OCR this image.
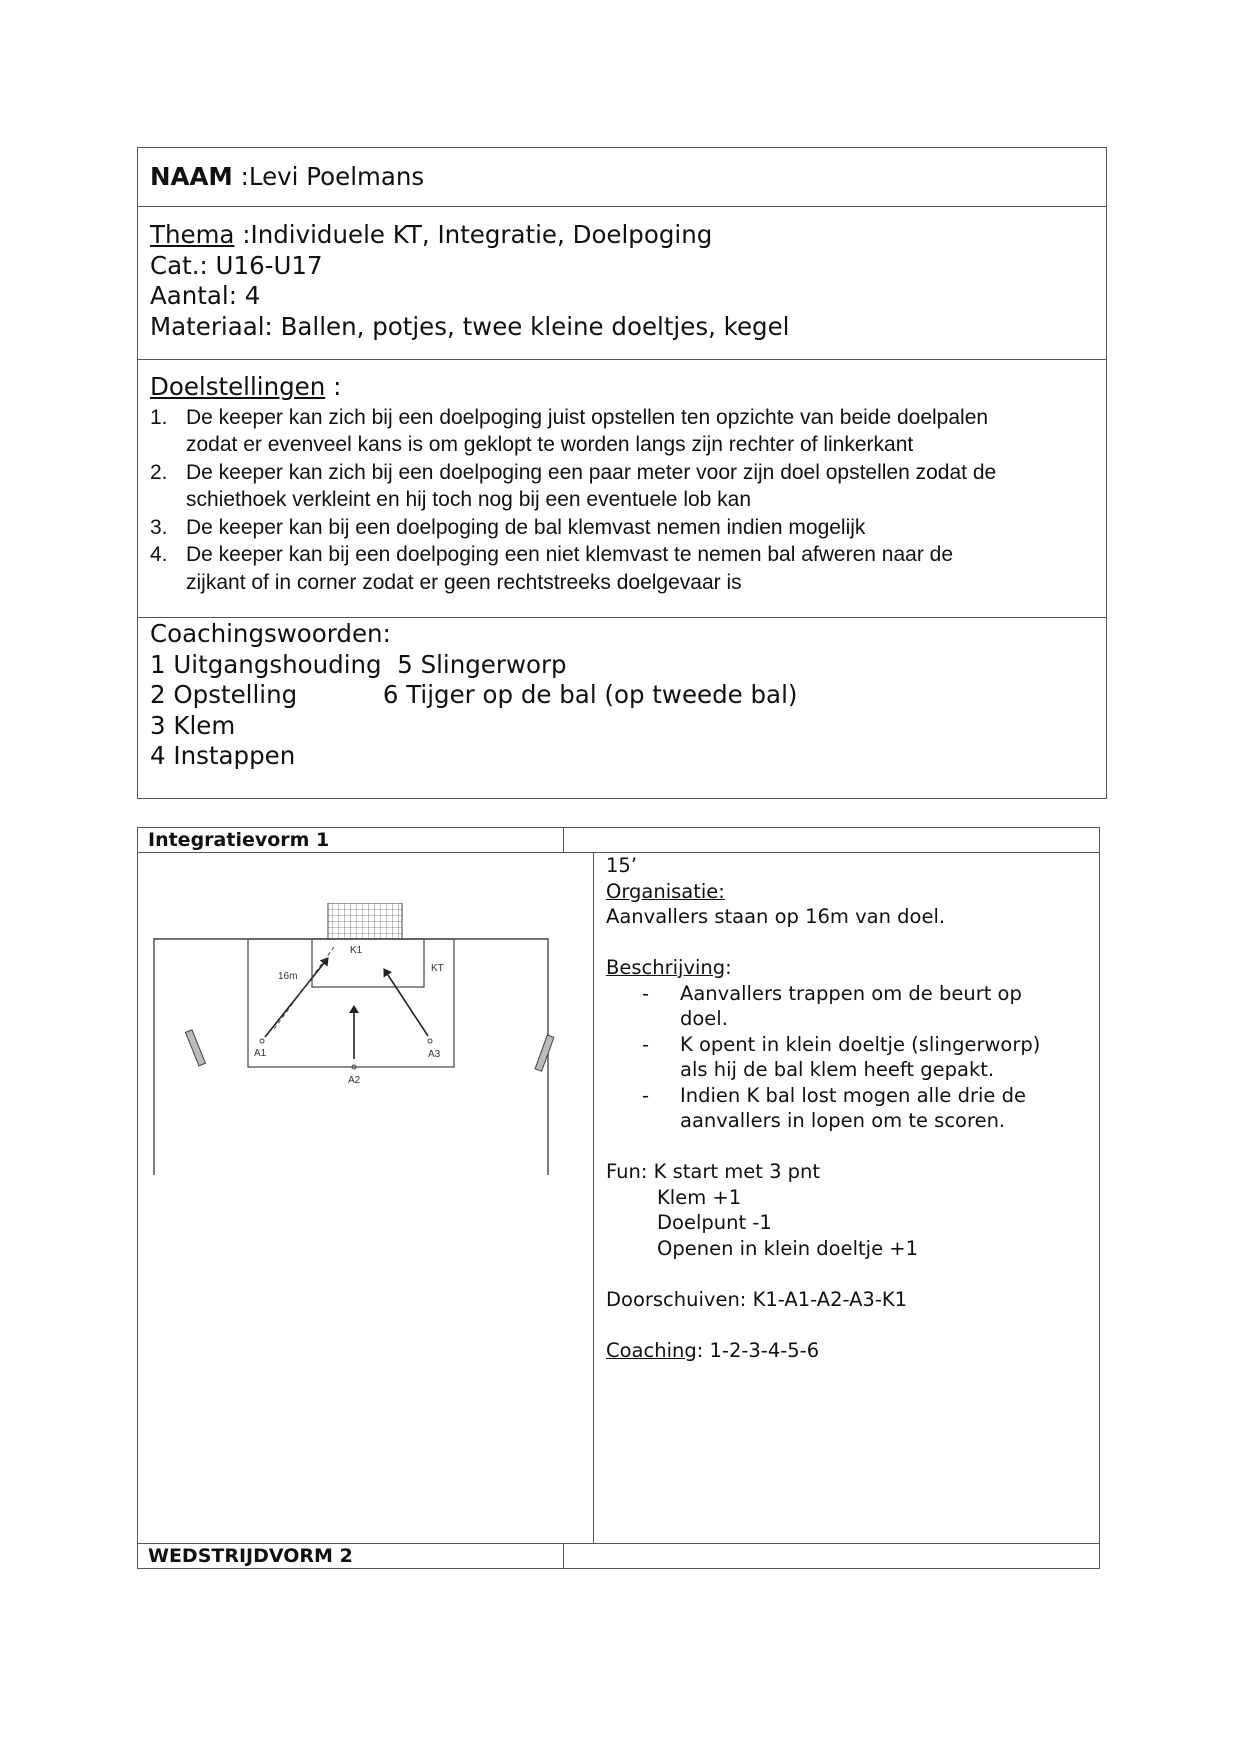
NAAM :Levi Poelmans
Thema :Individuele KT, Integratie, Doelpoging
Cat.: U16-U17
Aantal: 4
Materiaal: Ballen, potjes, twee kleine doeltjes, kegel
Doelstellingen :
1. De keeper kan zich bij een doelpoging juist opstellen ten opzichte van beide doelpalen
zodat er evenveel kans is om geklopt te worden langs zijn rechter of linkerkant
2. De keeper kan zich bij een doelpoging een paar meter voor zijn doel opstellen zodat de
schiethoek verkleint en hij toch nog bij een eventuele lob kan
3. De keeper kan bij een doelpoging de bal klemvast nemen indien mogelijk
4. De keeper kan bij een doelpoging een niet klemvast te nemen bal afweren naar de
zijkant of in corner zodat er geen rechtstreeks doelgevaar is
Coachingswoorden:
1 Uitgangshouding  5 Slingerworp
2 Opstelling           6 Tijger op de bal (op tweede bal)
3 Klem
4 Instappen
Integratievorm 1
K1
KT
16m
A1
A2
A3
15’
Organisatie:
Aanvallers staan op 16m van doel.
Beschrijving:
- Aanvallers trappen om de beurt op
doel.
- K opent in klein doeltje (slingerworp)
als hij de bal klem heeft gepakt.
- Indien K bal lost mogen alle drie de
aanvallers in lopen om te scoren.
Fun: K start met 3 pnt
Klem +1
Doelpunt -1
Openen in klein doeltje +1
Doorschuiven: K1-A1-A2-A3-K1
Coaching: 1-2-3-4-5-6
WEDSTRIJDVORM 2
